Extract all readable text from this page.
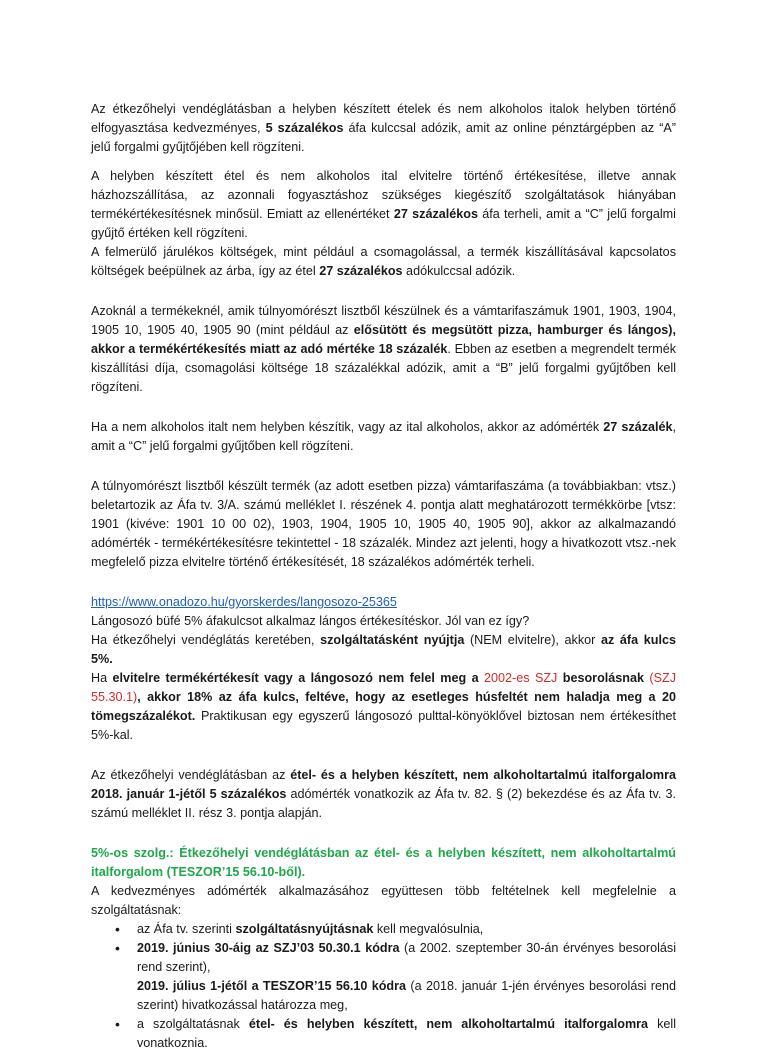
Az étkezőhelyi vendéglátásban a helyben készített ételek és nem alkoholos italok helyben történő elfogyasztása kedvezményes, 5 százalékos áfa kulccsal adózik, amit az online pénztárgépben az “A” jelű forgalmi gyűjtőjében kell rögzíteni.

A helyben készített étel és nem alkoholos ital elvitelre történő értékesítése, illetve annak házhozszállítása, az azonnali fogyasztáshoz szükséges kiegészítő szolgáltatások hiányában termékértékesítésnek minősül. Emiatt az ellenértéket 27 százalékos áfa terheli, amit a “C” jelű forgalmi gyűjtő értéken kell rögzíteni.

A felmerülő járulékos költségek, mint például a csomagolással, a termék kiszállításával kapcsolatos költségek beépülnek az árba, így az étel 27 százalékos adókulccsal adózik.

Azoknál a termékeknél, amik túlnyomórészt lisztből készülnek és a vámtarifaszámuk 1901, 1903, 1904, 1905 10, 1905 40, 1905 90 (mint például az elősütött és megsütött pizza, hamburger és lángos), akkor a termékértékesítés miatt az adó mértéke 18 százalék. Ebben az esetben a megrendelt termék kiszállítási díja, csomagolási költsége 18 százalékkal adózik, amit a “B” jelű forgalmi gyűjtőben kell rögzíteni.

Ha a nem alkoholos italt nem helyben készítik, vagy az ital alkoholos, akkor az adómérték 27 százalék, amit a “C” jelű forgalmi gyűjtőben kell rögzíteni.

A túlnyomórészt lisztből készült termék (az adott esetben pizza) vámtarifaszáma (a továbbiakban: vtsz.) beletartozik az Áfa tv. 3/A. számú melléklet I. részének 4. pontja alatt meghatározott termékkörbe [vtsz: 1901 (kivéve: 1901 10 00 02), 1903, 1904, 1905 10, 1905 40, 1905 90], akkor az alkalmazandó adómérték - termékértékesítésre tekintettel - 18 százalék. Mindez azt jelenti, hogy a hivatkozott vtsz.-nek megfelelő pizza elvitelre történő értékesítését, 18 százalékos adómérték terheli.

https://www.onadozo.hu/gyorskerdes/langosozo-25365

Lángosozó büfé 5% áfakulcsot alkalmaz lángos értékesítéskor. Jól van ez így?

Ha étkezőhelyi vendéglátás keretében, szolgáltatásként nyújtja (NEM elvitelre), akkor az áfa kulcs 5%.

Ha elvitelre termékértékesít vagy a lángosozó nem felel meg a 2002-es SZJ besorolásnak (SZJ 55.30.1), akkor 18% az áfa kulcs, feltéve, hogy az esetleges húsfeltét nem haladja meg a 20 tömegszázalékot. Praktikusan egy egyszerű lángosozó pulttal-könyöklővel biztosan nem értékesíthet 5%-kal.

Az étkezőhelyi vendéglátásban az étel- és a helyben készített, nem alkoholtartalmú italforgalomra 2018. január 1-jétől 5 százalékos adómérték vonatkozik az Áfa tv. 82. § (2) bekezdése és az Áfa tv. 3. számú melléklet II. rész 3. pontja alapján.

5%-os szolg.: Étkezőhelyi vendéglátásban az étel- és a helyben készített, nem alkoholtartalmú italforgalom (TESZOR’15 56.10-ből).

A kedvezményes adómérték alkalmazásához együttesen több feltételnek kell megfelelnie a szolgáltatásnak:

• az Áfa tv. szerinti szolgáltatásnyújtásnak kell megvalósulnia,
• 2019. június 30-áig az SZJ’03 50.30.1 kódra (a 2002. szeptember 30-án érvényes besorolási rend szerint),

2019. július 1-jétől a TESZOR’15 56.10 kódra (a 2018. január 1-jén érvényes besorolási rend szerint) hivatkozással határozza meg,

• a szolgáltatásnak étel- és helyben készített, nem alkoholtartalmú italforgalomra kell vonatkoznia.
